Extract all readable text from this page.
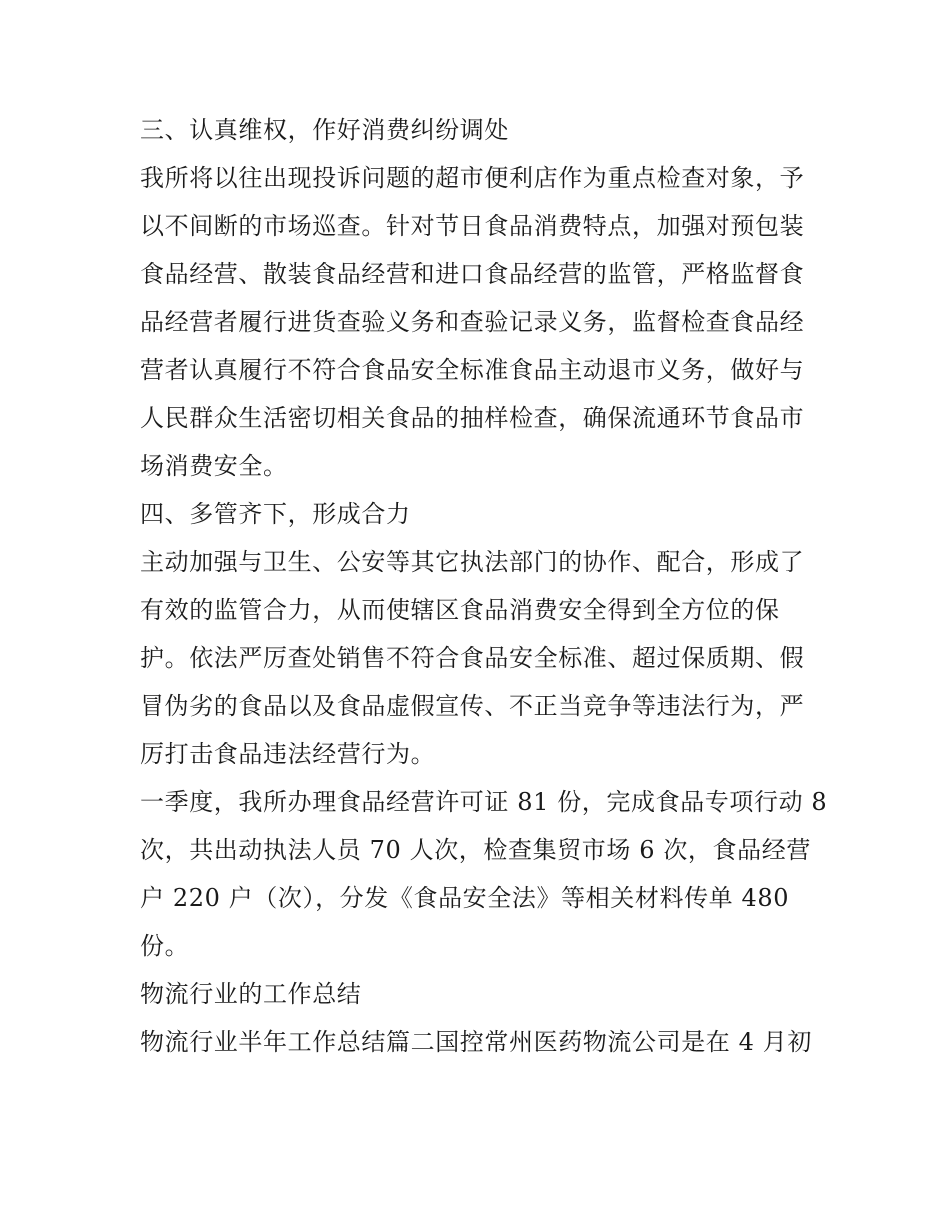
三、认真维权，作好消费纠纷调处
我所将以往出现投诉问题的超市便利店作为重点检查对象，予
以不间断的市场巡查。针对节日食品消费特点，加强对预包装
食品经营、散装食品经营和进口食品经营的监管，严格监督食
品经营者履行进货查验义务和查验记录义务，监督检查食品经
营者认真履行不符合食品安全标准食品主动退市义务，做好与
人民群众生活密切相关食品的抽样检查，确保流通环节食品市
场消费安全。
四、多管齐下，形成合力
主动加强与卫生、公安等其它执法部门的协作、配合，形成了
有效的监管合力，从而使辖区食品消费安全得到全方位的保
护。依法严厉查处销售不符合食品安全标准、超过保质期、假
冒伪劣的食品以及食品虚假宣传、不正当竞争等违法行为，严
厉打击食品违法经营行为。
一季度，我所办理食品经营许可证 81 份，完成食品专项行动 8
次，共出动执法人员 70 人次，检查集贸市场 6 次，食品经营
户 220 户（次），分发《食品安全法》等相关材料传单 480
份。
物流行业的工作总结
物流行业半年工作总结篇二国控常州医药物流公司是在 4 月初
